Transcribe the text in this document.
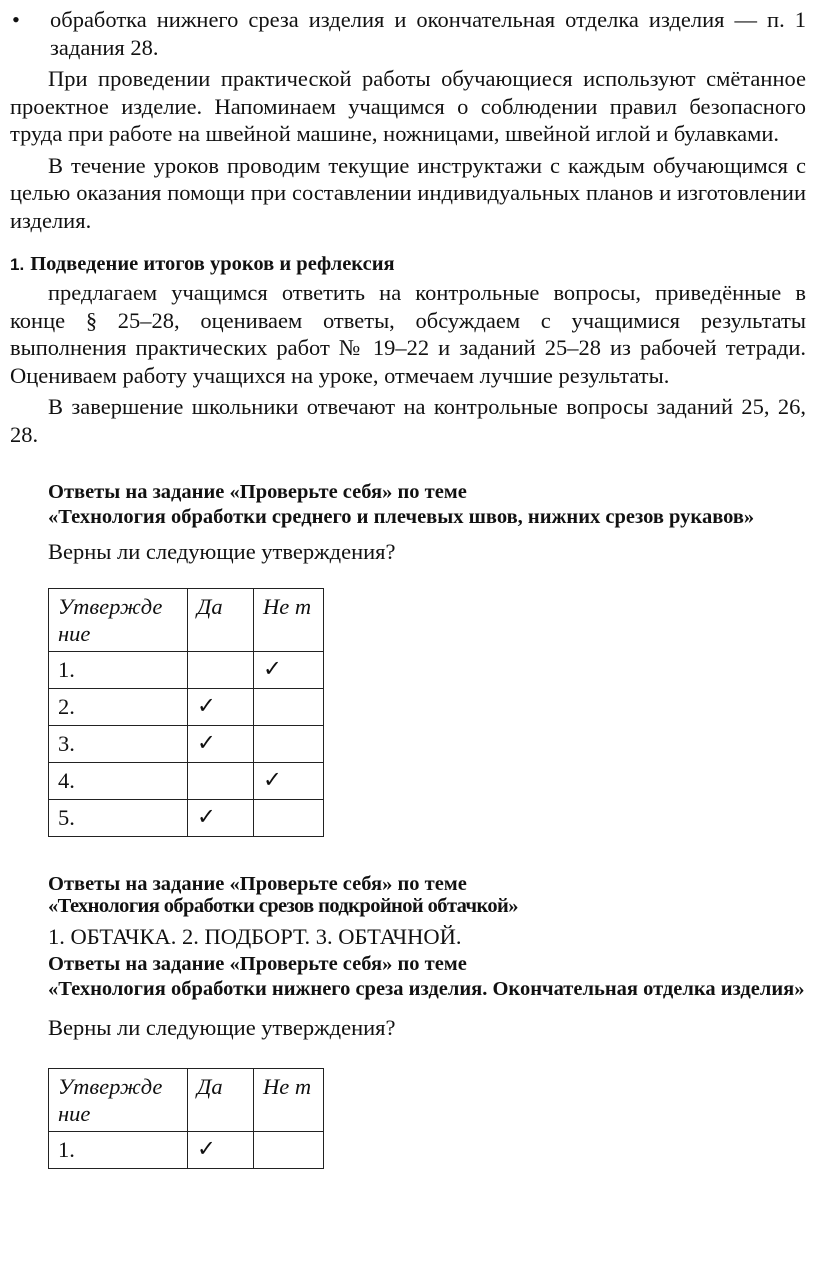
•	обработка нижнего среза изделия и окончательная отделка изделия — п. 1 задания 28.

При проведении практической работы обучающиеся используют смётанное проектное изделие. Напоминаем учащимся о соблюдении правил безопасного труда при работе на швейной машине, ножницами, швейной иглой и булавками.

В течение уроков проводим текущие инструктажи с каждым обучающимся с целью оказания помощи при составлении индивидуальных планов и изготовлении изделия.

1. Подведение итогов уроков и рефлексия

предлагаем учащимся ответить на контрольные вопросы, приведённые в конце § 25–28, оцениваем ответы, обсуждаем с учащимися результаты выполнения практических работ № 19–22 и заданий 25–28 из рабочей тетради. Оцениваем работу учащихся на уроке, отмечаем лучшие результаты.

В завершение школьники отвечают на контрольные вопросы заданий 25, 26, 28.

Ответы на задание «Проверьте себя» по теме

«Технология обработки среднего и плечевых швов, нижних срезов рукавов»

Верны ли следующие утверждения?

Утвержде ние	Да	Не т
1.		✓
2.	✓	
3.	✓	
4.		✓
5.	✓	

Ответы на задание «Проверьте себя» по теме

«Технология обработки срезов подкройной обтачкой»

1. ОБТАЧКА. 2. ПОДБОРТ. 3. ОБТАЧНОЙ.

Ответы на задание «Проверьте себя» по теме

«Технология обработки нижнего среза изделия. Окончательная отделка изделия»

Верны ли следующие утверждения?

Утвержде ние	Да	Не т
1.	✓	
